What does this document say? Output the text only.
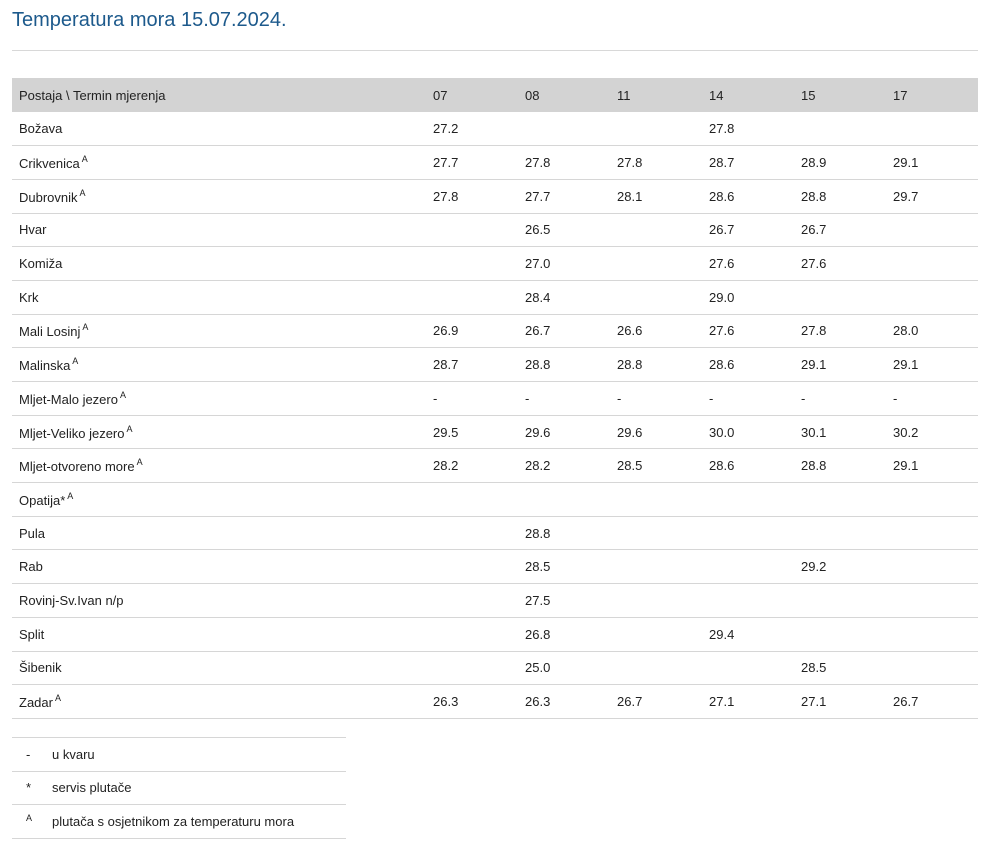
Temperatura mora 15.07.2024.
Postaja \ Termin mjerenja	07	08	11	14	15	17
Božava	27.2			27.8		
Crikvenica $^A$	27.7	27.8	27.8	28.7	28.9	29.1
Dubrovnik $^A$	27.8	27.7	28.1	28.6	28.8	29.7
Hvar		26.5		26.7	26.7	
Komiža		27.0		27.6	27.6	
Krk		28.4		29.0		
Mali Losinj $^A$	26.9	26.7	26.6	27.6	27.8	28.0
Malinska $^A$	28.7	28.8	28.8	28.6	29.1	29.1
Mljet-Malo jezero $^A$	-	-	-	-	-	-
Mljet-Veliko jezero $^A$	29.5	29.6	29.6	30.0	30.1	30.2
Mljet-otvoreno more $^A$	28.2	28.2	28.5	28.6	28.8	29.1
Opatija* $^A$						
Pula		28.8				
Rab		28.5			29.2	
Rovinj-Sv.Ivan n/p		27.5				
Split		26.8		29.4		
Šibenik		25.0			28.5	
Zadar $^A$	26.3	26.3	26.7	27.1	27.1	26.7
-	u kvaru
*	servis plutače
$^A$	plutača s osjetnikom za temperaturu mora
